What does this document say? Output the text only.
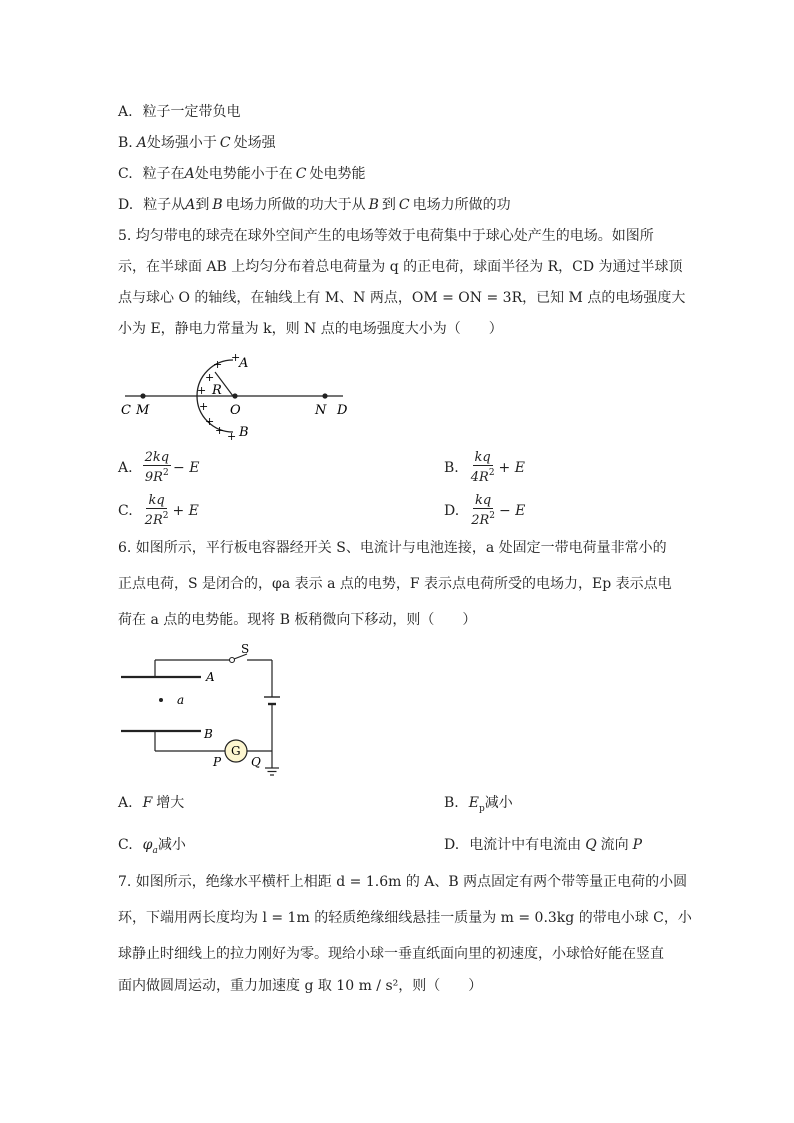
A. 粒子一定带负电
B. A处场强小于 C 处场强
C. 粒子在A处电势能小于在 C 处电势能
D. 粒子从A到 B 电场力所做的功大于从 B 到 C 电场力所做的功
5. 均匀带电的球壳在球外空间产生的电场等效于电荷集中于球心处产生的电场。如图所
示，在半球面 AB 上均匀分布着总电荷量为 q 的正电荷，球面半径为 R，CD 为通过半球顶
点与球心 O 的轴线，在轴线上有 M、N 两点，OM = ON = 3R，已知 M 点的电场强度大
小为 E，静电力常量为 k，则 N 点的电场强度大小为（　　）
+
+
+
+
+
+
+ +
A
B
R
O
C M	N D
A. $\frac{2kq}{9R^2} - E$	B. $\frac{kq}{4R^2} + E$
C. $\frac{kq}{2R^2} + E$	D. $\frac{kq}{2R^2} - E$
6. 如图所示，平行板电容器经开关 S、电流计与电池连接，a 处固定一带电荷量非常小的
正点电荷，S 是闭合的，φa 表示 a 点的电势，F 表示点电荷所受的电场力，Ep 表示点电
荷在 a 点的电势能。现将 B 板稍微向下移动，则（　　）
S
A
a
B
G
P Q
A. F 增大	B. $E_p$减小
C. $\varphi_a$减小	D. 电流计中有电流由 Q 流向 P
7. 如图所示，绝缘水平横杆上相距 d = 1.6m 的 A、B 两点固定有两个带等量正电荷的小圆
环，下端用两长度均为 l = 1m 的轻质绝缘细线悬挂一质量为 m = 0.3kg 的带电小球 C，小
球静止时细线上的拉力刚好为零。现给小球一垂直纸面向里的初速度，小球恰好能在竖直
面内做圆周运动，重力加速度 g 取 10 m / s²，则（　　）
